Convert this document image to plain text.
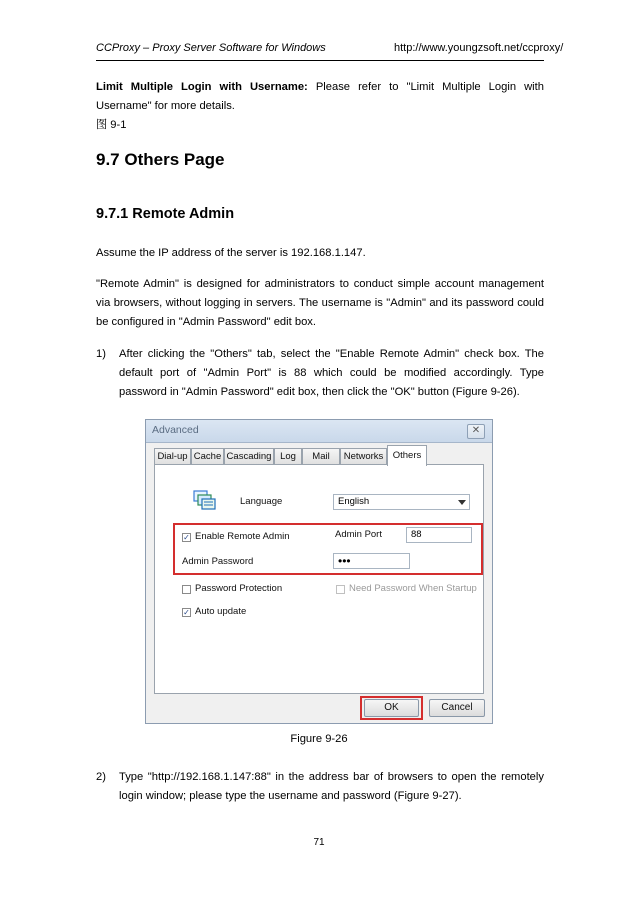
CCProxy – Proxy Server Software for Windows	http://www.youngzsoft.net/ccproxy/
Limit Multiple Login with Username: Please refer to "Limit Multiple Login with
Username" for more details.
图 9-1
9.7 Others Page
9.7.1 Remote Admin
Assume the IP address of the server is 192.168.1.147.
"Remote Admin" is designed for administrators to conduct simple account management
via browsers, without logging in servers. The username is "Admin" and its password could
be configured in "Admin Password" edit box.
1) After clicking the "Others" tab, select the "Enable Remote Admin" check box. The
default port of "Admin Port" is 88 which could be modified accordingly. Type
password in "Admin Password" edit box, then click the "OK" button (Figure 9-26).
Advanced	✕
Dial-up Cache Cascading Log	Mail	Networks Others
Language	English
✓ Enable Remote Admin	Admin Port	88
Admin Password	•••
Password Protection	Need Password When Startup
✓ Auto update
OK	Cancel
Figure 9-26
2) Type "http://192.168.1.147:88" in the address bar of browsers to open the remotely
login window; please type the username and password (Figure 9-27).
71
